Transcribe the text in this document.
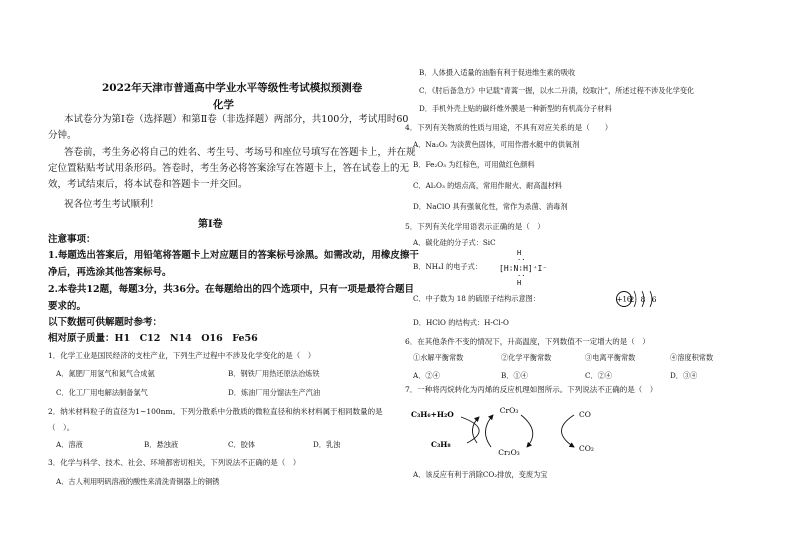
2022年天津市普通高中学业水平等级性考试模拟预测卷
化学
本试卷分为第Ⅰ卷（选择题）和第Ⅱ卷（非选择题）两部分，共100分，考试用时60
分钟。
答卷前，考生务必将自己的姓名、考生号、考场号和座位号填写在答题卡上，并在规
定位置粘贴考试用条形码。答卷时，考生务必将答案涂写在答题卡上，答在试卷上的无
效，考试结束后，将本试卷和答题卡一并交回。
祝各位考生考试顺利！
第Ⅰ卷
注意事项：
1.每题选出答案后，用铅笔将答题卡上对应题目的答案标号涂黑。如需改动，用橡皮擦干
净后，再选涂其他答案标号。
2.本卷共12题，每题3分，共36分。在每题给出的四个选项中，只有一项是最符合题目
要求的。
以下数据可供解题时参考：
相对原子质量：H1　C12　N14　O16　Fe56
1．化学工业是国民经济的支柱产业，下列生产过程中不涉及化学变化的是（　）
A．氮肥厂用氢气和氮气合成氨	B．钢铁厂用热还原法冶炼铁
C．化工厂用电解法制备氯气	D．炼油厂用分馏法生产汽油
2．纳米材料粒子的直径为1~100nm。下列分散系中分散质的微粒直径和纳米材料属于相同数量的是
（　）。
A．溶液	B．悬浊液	C．胶体	D．乳浊
3．化学与科学、技术、社会、环境都密切相关，下列说法不正确的是（　）
A．古人利用明矾溶液的酸性来清洗青铜器上的铜锈
B．人体摄入适量的油脂有利于促进维生素的吸收
C．《肘后备急方》中记载“青蒿一握，以水二升渍，绞取汁”，所述过程不涉及化学变化
D．手机外壳上贴的碳纤维外膜是一种新型的有机高分子材料
4．下列有关物质的性质与用途，不具有对应关系的是（　　）
A．Na₂O₂ 为淡黄色固体，可用作潜水艇中的供氧剂
B．Fe₂O₃ 为红棕色，可用做红色颜料
C．Al₂O₃ 的熔点高，常用作耐火、耐高温材料
D．NaClO 具有强氧化性，常作为杀菌、消毒剂
5．下列有关化学用语表示正确的是（　）
A．碳化硅的分子式：SiC
B．NH₄I 的电子式：
H
··
[H∶N∶H]⁺I⁻
··
H
C．中子数为 18 的硫原子结构示意图：	+16
2 8 6
D．HClO 的结构式：H-Cl-O
6．在其他条件不变的情况下，升高温度，下列数值不一定增大的是（　）
①水解平衡常数	②化学平衡常数	③电离平衡常数	④溶度积常数
A．②④	B．①④	C．②④	D．③④
7．一种将丙烷转化为丙烯的反应机理如图所示。下列说法不正确的是（　）
C₃H₆+H₂O
C₃H₈
CrO₃
Cr₂O₃
CO
CO₂
A．该反应有利于消除CO₂排放，变废为宝
